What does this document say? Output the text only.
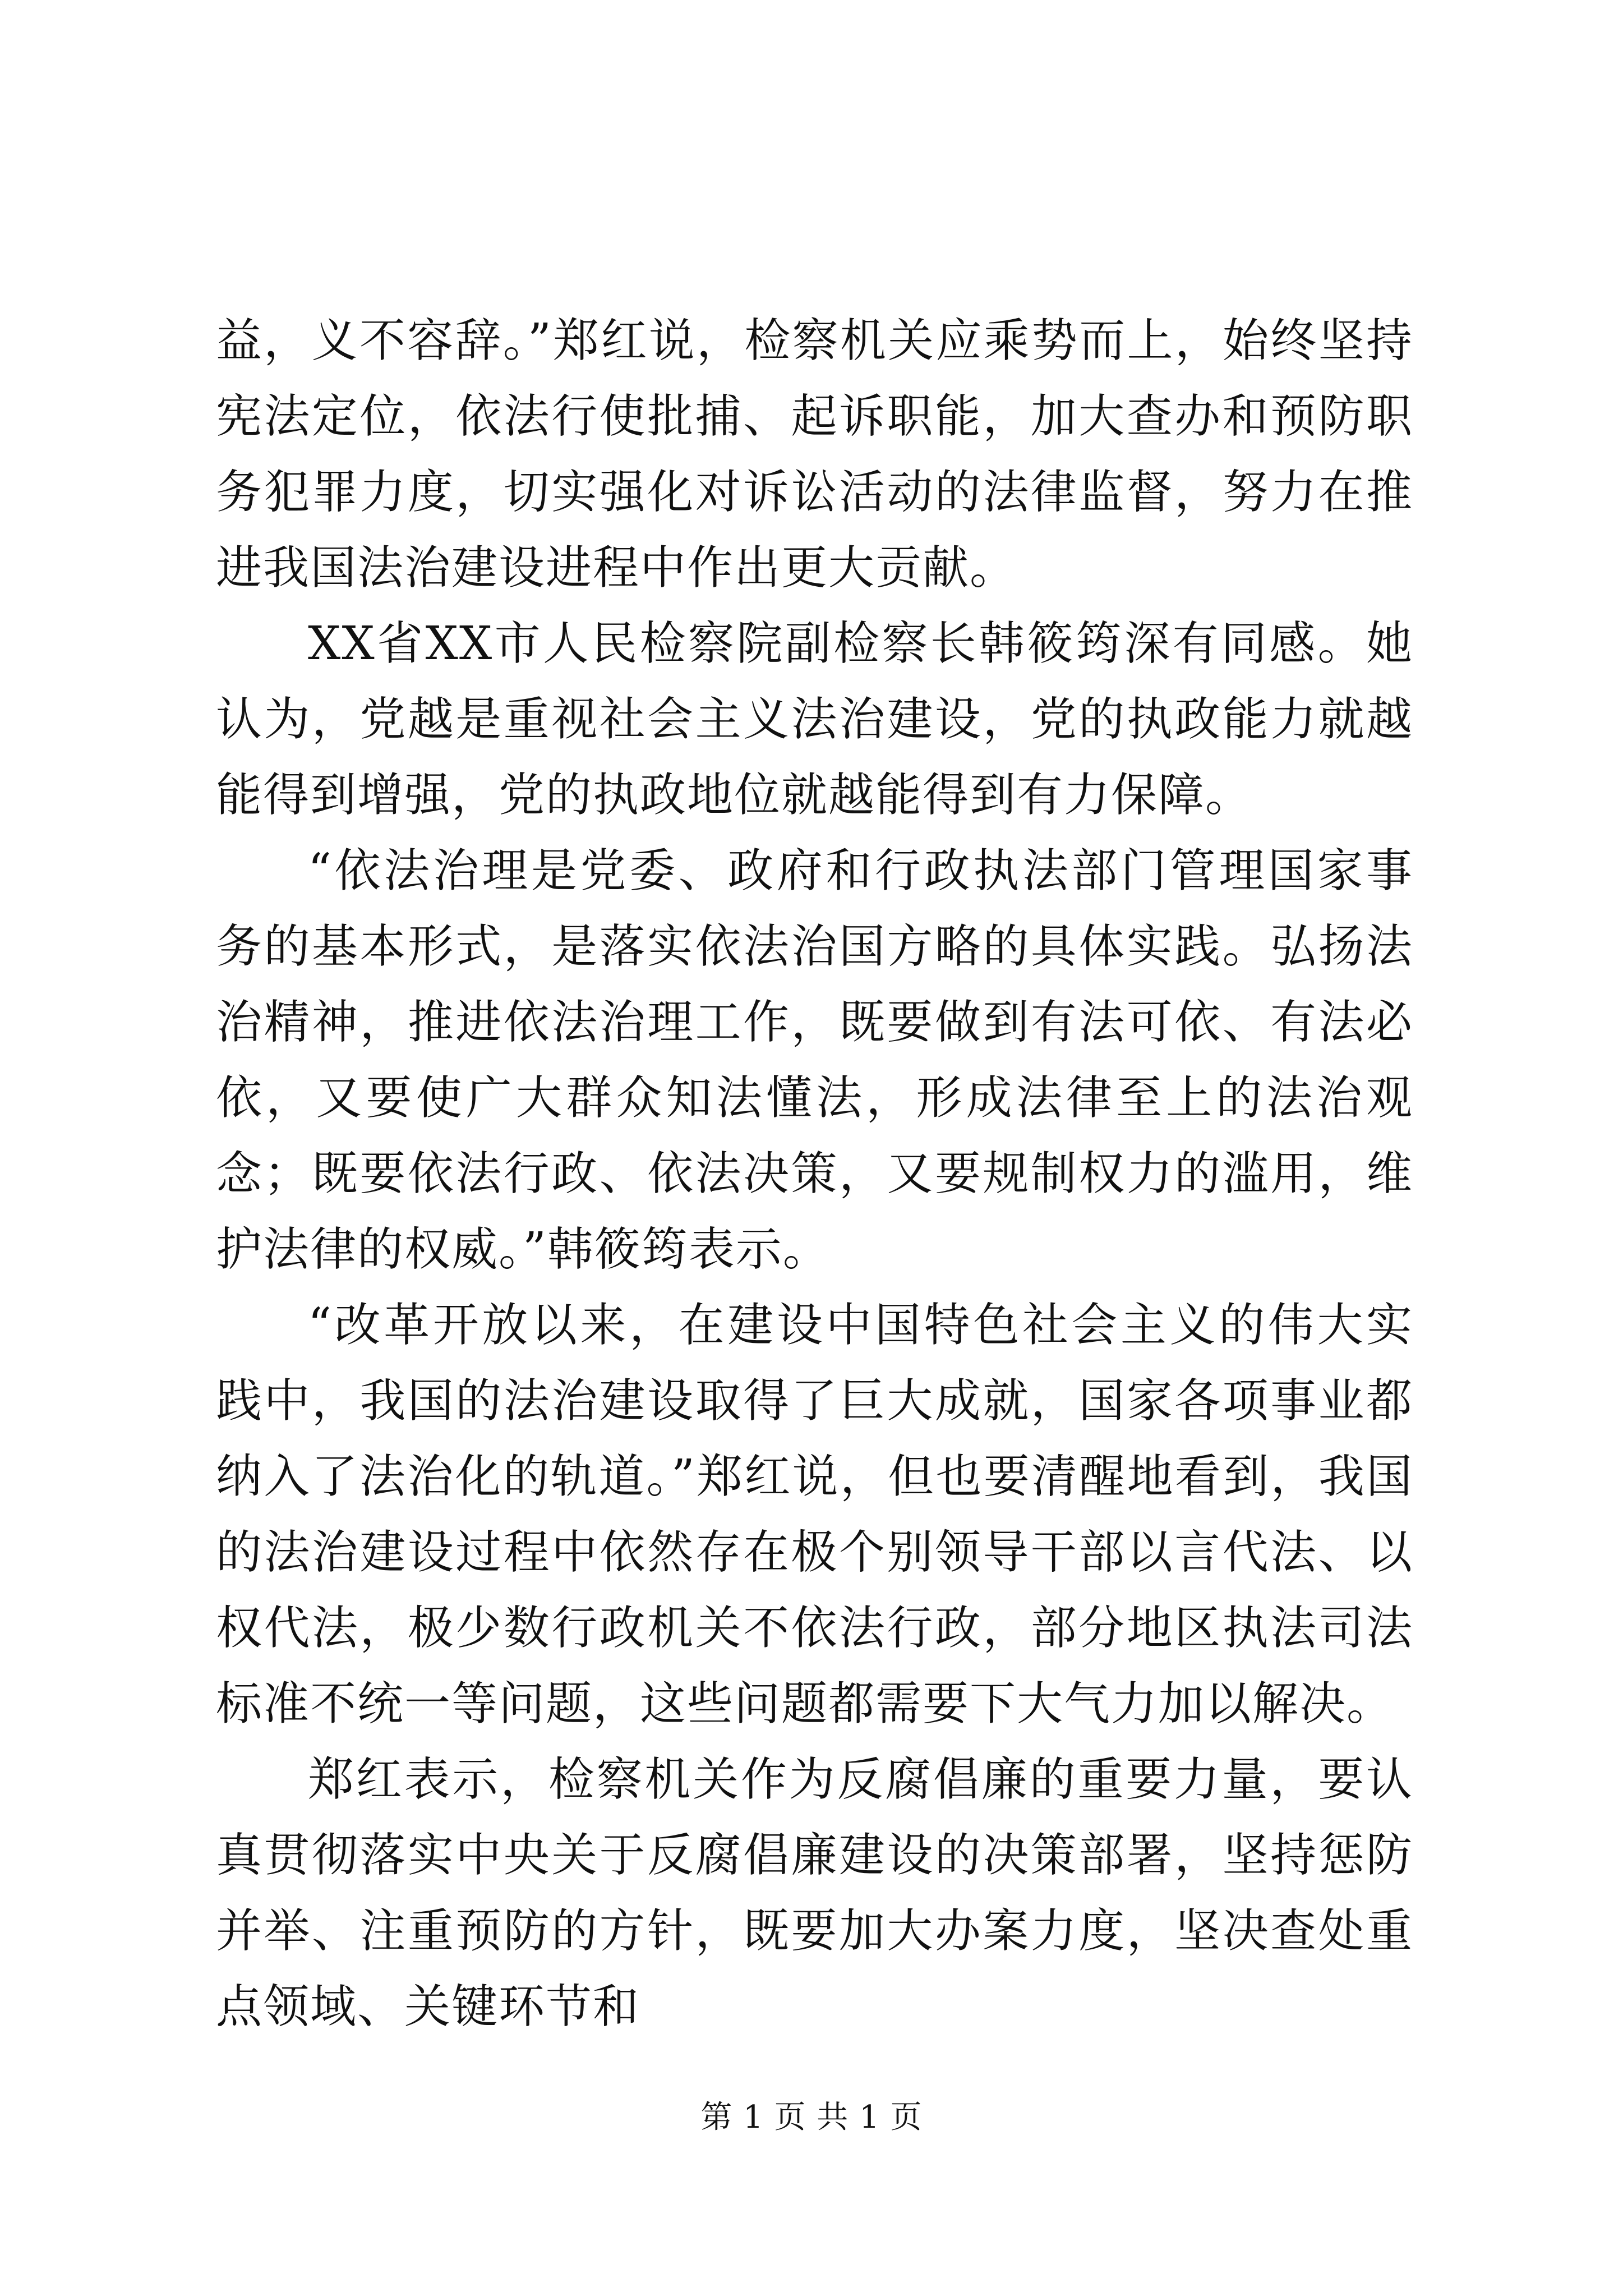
益，义不容辞。”郑红说，检察机关应乘势而上，始终坚持宪法定位，依法行使批捕、起诉职能，加大查办和预防职务犯罪力度，切实强化对诉讼活动的法律监督，努力在推进我国法治建设进程中作出更大贡献。

XX省XX市人民检察院副检察长韩筱筠深有同感。她认为，党越是重视社会主义法治建设，党的执政能力就越能得到增强，党的执政地位就越能得到有力保障。

“依法治理是党委、政府和行政执法部门管理国家事务的基本形式，是落实依法治国方略的具体实践。弘扬法治精神，推进依法治理工作，既要做到有法可依、有法必依，又要使广大群众知法懂法，形成法律至上的法治观念；既要依法行政、依法决策，又要规制权力的滥用，维护法律的权威。”韩筱筠表示。

“改革开放以来，在建设中国特色社会主义的伟大实践中，我国的法治建设取得了巨大成就，国家各项事业都纳入了法治化的轨道。”郑红说，但也要清醒地看到，我国的法治建设过程中依然存在极个别领导干部以言代法、以权代法，极少数行政机关不依法行政，部分地区执法司法标准不统一等问题，这些问题都需要下大气力加以解决。

郑红表示，检察机关作为反腐倡廉的重要力量，要认真贯彻落实中央关于反腐倡廉建设的决策部署，坚持惩防并举、注重预防的方针，既要加大办案力度，坚决查处重点领域、关键环节和

第 1 页 共 1 页
